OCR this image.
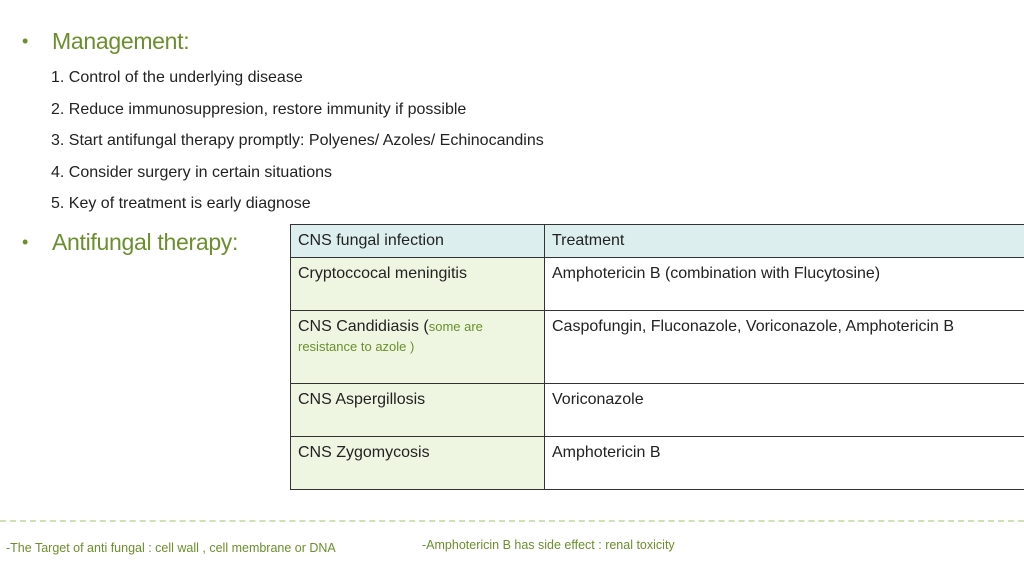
•	Management:
1. Control of the underlying disease
2. Reduce immunosuppresion, restore immunity if possible
3. Start antifungal therapy promptly: Polyenes/ Azoles/ Echinocandins
4. Consider surgery in certain situations
5. Key of treatment is early diagnose
•	Antifungal therapy:	CNS fungal infection	Treatment
Cryptoccocal meningitis	Amphotericin B (combination with Flucytosine)
CNS Candidiasis (some are resistance to azole )	Caspofungin, Fluconazole, Voriconazole, Amphotericin B
CNS Aspergillosis	Voriconazole
CNS Zygomycosis	Amphotericin B
-The Target of anti fungal : cell wall , cell membrane or DNA	-Amphotericin B has side effect : renal toxicity
